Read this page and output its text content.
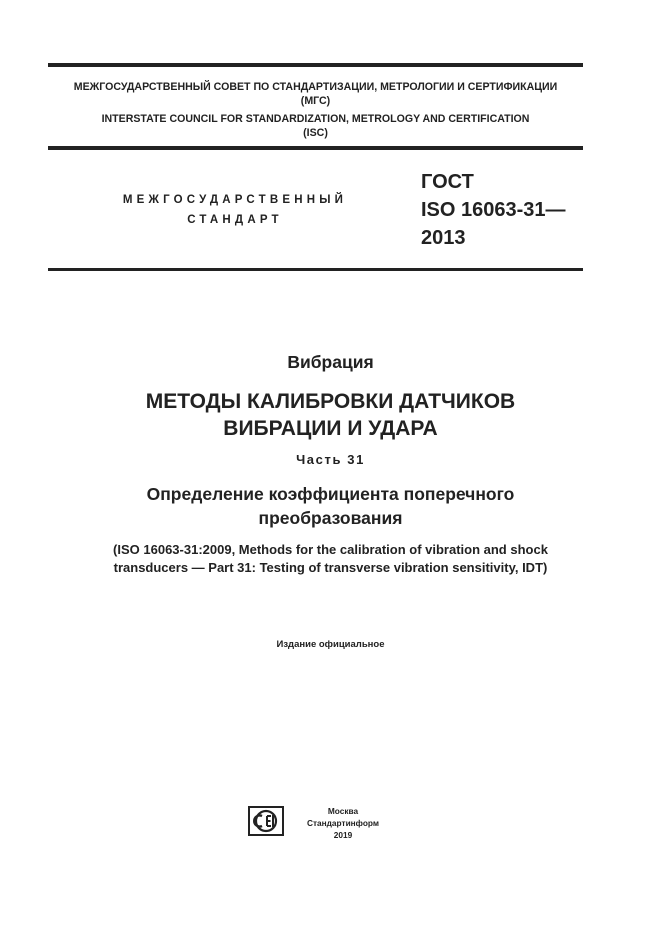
МЕЖГОСУДАРСТВЕННЫЙ СОВЕТ ПО СТАНДАРТИЗАЦИИ, МЕТРОЛОГИИ И СЕРТИФИКАЦИИ
(МГС)
INTERSTATE COUNCIL FOR STANDARDIZATION, METROLOGY AND CERTIFICATION
(ISC)
МЕЖГОСУДАРСТВЕННЫЙ
СТАНДАРТ
ГОСТ
ISO 16063-31—
2013
Вибрация
МЕТОДЫ КАЛИБРОВКИ ДАТЧИКОВ
ВИБРАЦИИ И УДАРА
Часть 31
Определение коэффициента поперечного
преобразования
(ISO 16063-31:2009, Methods for the calibration of vibration and shock
transducers — Part 31: Testing of transverse vibration sensitivity, IDT)
Издание официальное
Москва
Стандартинформ
2019
